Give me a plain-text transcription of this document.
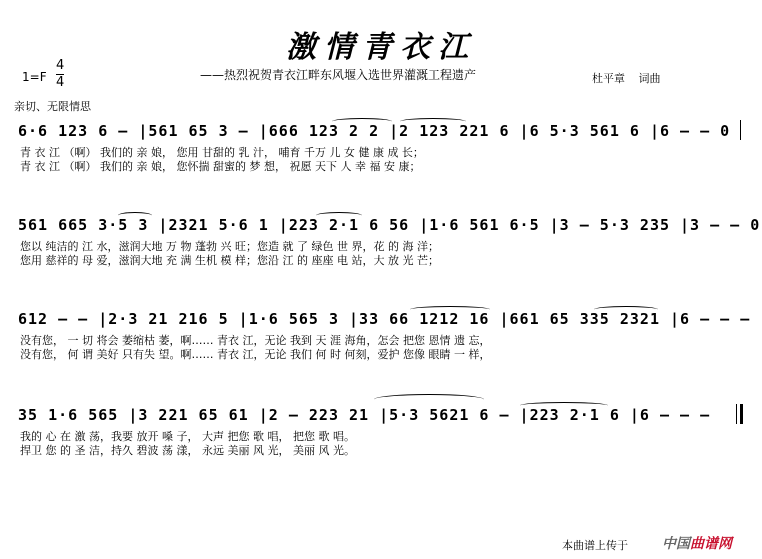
激情青衣江
——热烈祝贺青衣江畔东风堰入选世界灌溉工程遗产	杜平章 词曲
1=F
4
4
亲切、无限情思
6·6 123 6 – |561 65 3 – |666 123 2 2 |2 123 221 6 |6 5·3 561 6 |6 – – 0
青 衣 江 （啊） 我们的 亲 娘， 您用 甘甜的 乳 汁， 哺育 千万 儿 女 健 康 成 长；
青 衣 江 （啊） 我们的 亲 娘， 您怀揣 甜蜜的 梦 想， 祝愿 天下 人 幸 福 安 康；
561 665 3·5 3 |2321 5·6 1 |223 2·1 6 56 |1·6 561 6·5 |3 – 5·3 235 |3 – – 0
您以 纯洁的 江 水，滋润大地 万 物 蓬勃 兴 旺；您造 就 了 绿色 世 界，花 的 海 洋；
您用 慈祥的 母 爱，滋润大地 充 满 生机 模 样；您沿 江 的 座座 电 站，大 放 光 芒；
612 – – |2·3 21 216 5 |1·6 565 3 |33 66 1212 16 |661 65 335 2321 |6 – – –
没有您， 一 切 将会 萎缩枯 萎，啊…… 青衣 江，无论 我到 天 涯 海角，怎会 把您 恩情 遗 忘，
没有您， 何 谓 美好 只有失 望。啊…… 青衣 江，无论 我们 何 时 何刻，爱护 您像 眼睛 一 样，
35 1·6 565 |3 221 65 61 |2 – 223 21 |5·3 5621 6 – |223 2·1 6 |6 – – –
我的 心 在 激 荡，我要 放开 嗓 子， 大声 把您 歌 唱， 把您 歌 唱。
捍卫 您 的 圣 洁，持久 碧波 荡 漾， 永远 美丽 风 光， 美丽 风 光。
本曲谱上传于 中国曲谱网
